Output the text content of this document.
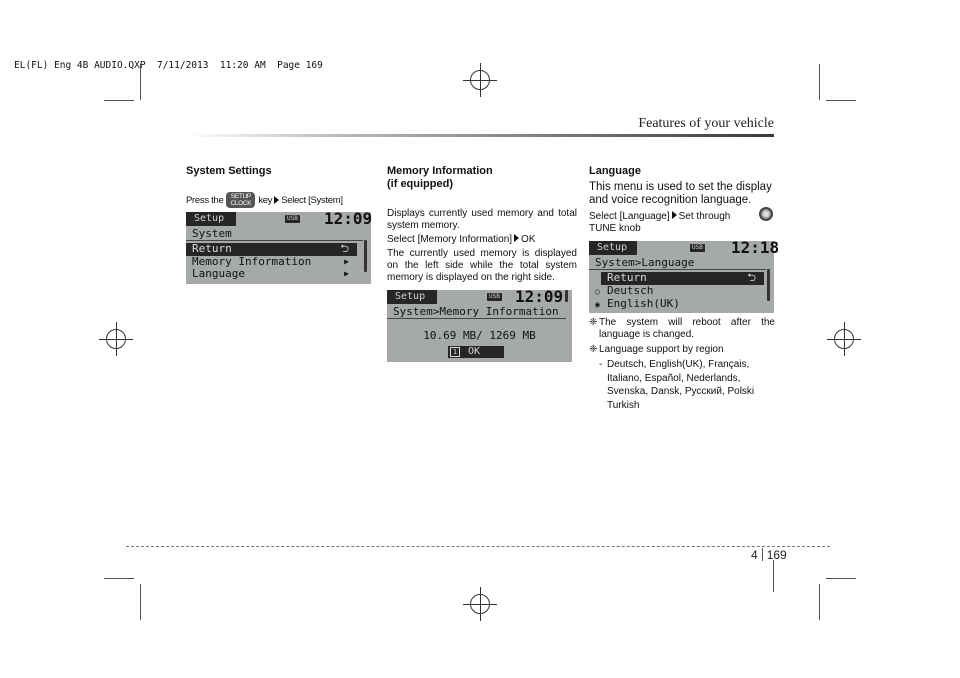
EL(FL) Eng 4B AUDIO.QXP  7/11/2013  11:20 AM  Page 169
Features of your vehicle
System Settings
Press the SETUP
CLOCK key Select [System]
Setup	USB 12:09
System
Return	⮌
Memory Information	▶
Language	▶
Memory Information
(if equipped)

Displays currently used memory and total system memory.

Select [Memory Information] OK

The currently used memory is displayed on the left side while the total system memory is displayed on the right side.

Setup	USB 12:09
System>Memory Information
10.69 MB/ 1269 MB
1 OK
Language

This menu is used to set the display and voice recognition language.

Select [Language] Set through

TUNE knob

Setup	USB 12:18
System>Language
Return	⮌
○ Deutsch
◉ English(UK)
❈ The system will reboot after the language is changed.
❈ Language support by region
- Deutsch, English(UK), Français, Italiano, Español, Nederlands, Svenska, Dansk, Русский, Polski Turkish
4 169
